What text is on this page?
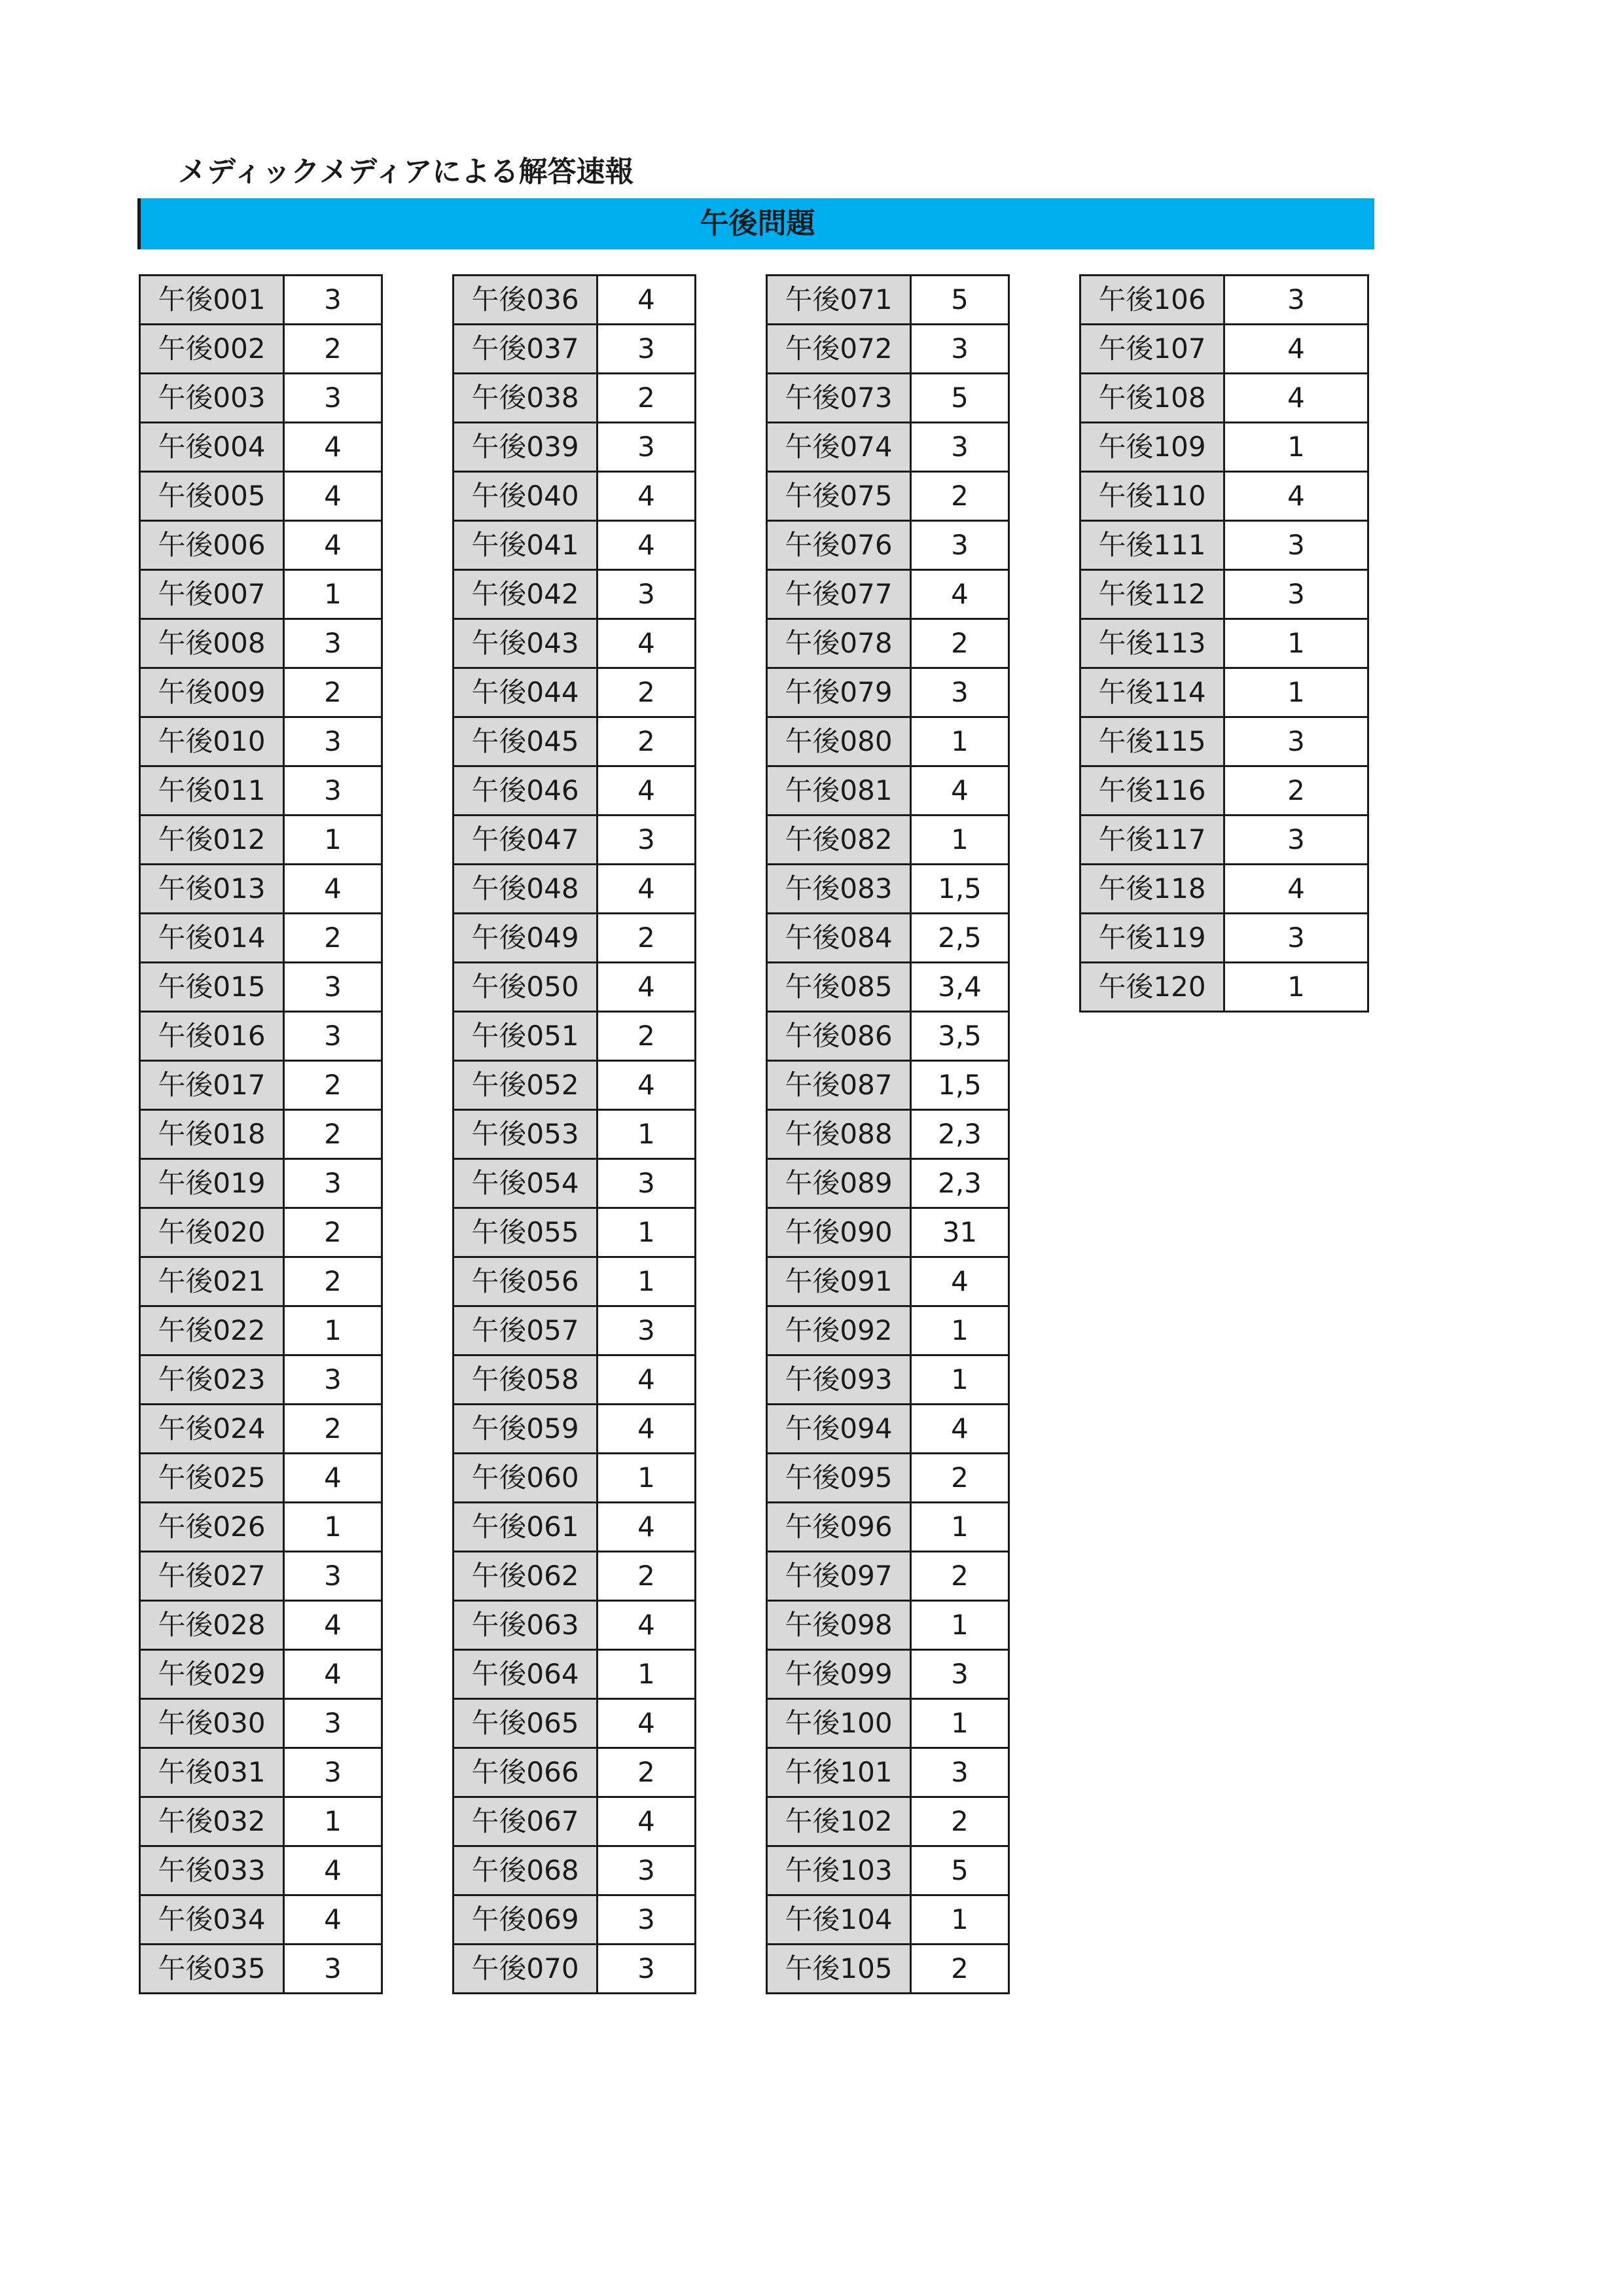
メディックメディアによる解答速報
午後問題
午後001	3
午後002	2
午後003	3
午後004	4
午後005	4
午後006	4
午後007	1
午後008	3
午後009	2
午後010	3
午後011	3
午後012	1
午後013	4
午後014	2
午後015	3
午後016	3
午後017	2
午後018	2
午後019	3
午後020	2
午後021	2
午後022	1
午後023	3
午後024	2
午後025	4
午後026	1
午後027	3
午後028	4
午後029	4
午後030	3
午後031	3
午後032	1
午後033	4
午後034	4
午後035	3
午後036	4
午後037	3
午後038	2
午後039	3
午後040	4
午後041	4
午後042	3
午後043	4
午後044	2
午後045	2
午後046	4
午後047	3
午後048	4
午後049	2
午後050	4
午後051	2
午後052	4
午後053	1
午後054	3
午後055	1
午後056	1
午後057	3
午後058	4
午後059	4
午後060	1
午後061	4
午後062	2
午後063	4
午後064	1
午後065	4
午後066	2
午後067	4
午後068	3
午後069	3
午後070	3
午後071	5
午後072	3
午後073	5
午後074	3
午後075	2
午後076	3
午後077	4
午後078	2
午後079	3
午後080	1
午後081	4
午後082	1
午後083	1,5
午後084	2,5
午後085	3,4
午後086	3,5
午後087	1,5
午後088	2,3
午後089	2,3
午後090	31
午後091	4
午後092	1
午後093	1
午後094	4
午後095	2
午後096	1
午後097	2
午後098	1
午後099	3
午後100	1
午後101	3
午後102	2
午後103	5
午後104	1
午後105	2
午後106	3
午後107	4
午後108	4
午後109	1
午後110	4
午後111	3
午後112	3
午後113	1
午後114	1
午後115	3
午後116	2
午後117	3
午後118	4
午後119	3
午後120	1
